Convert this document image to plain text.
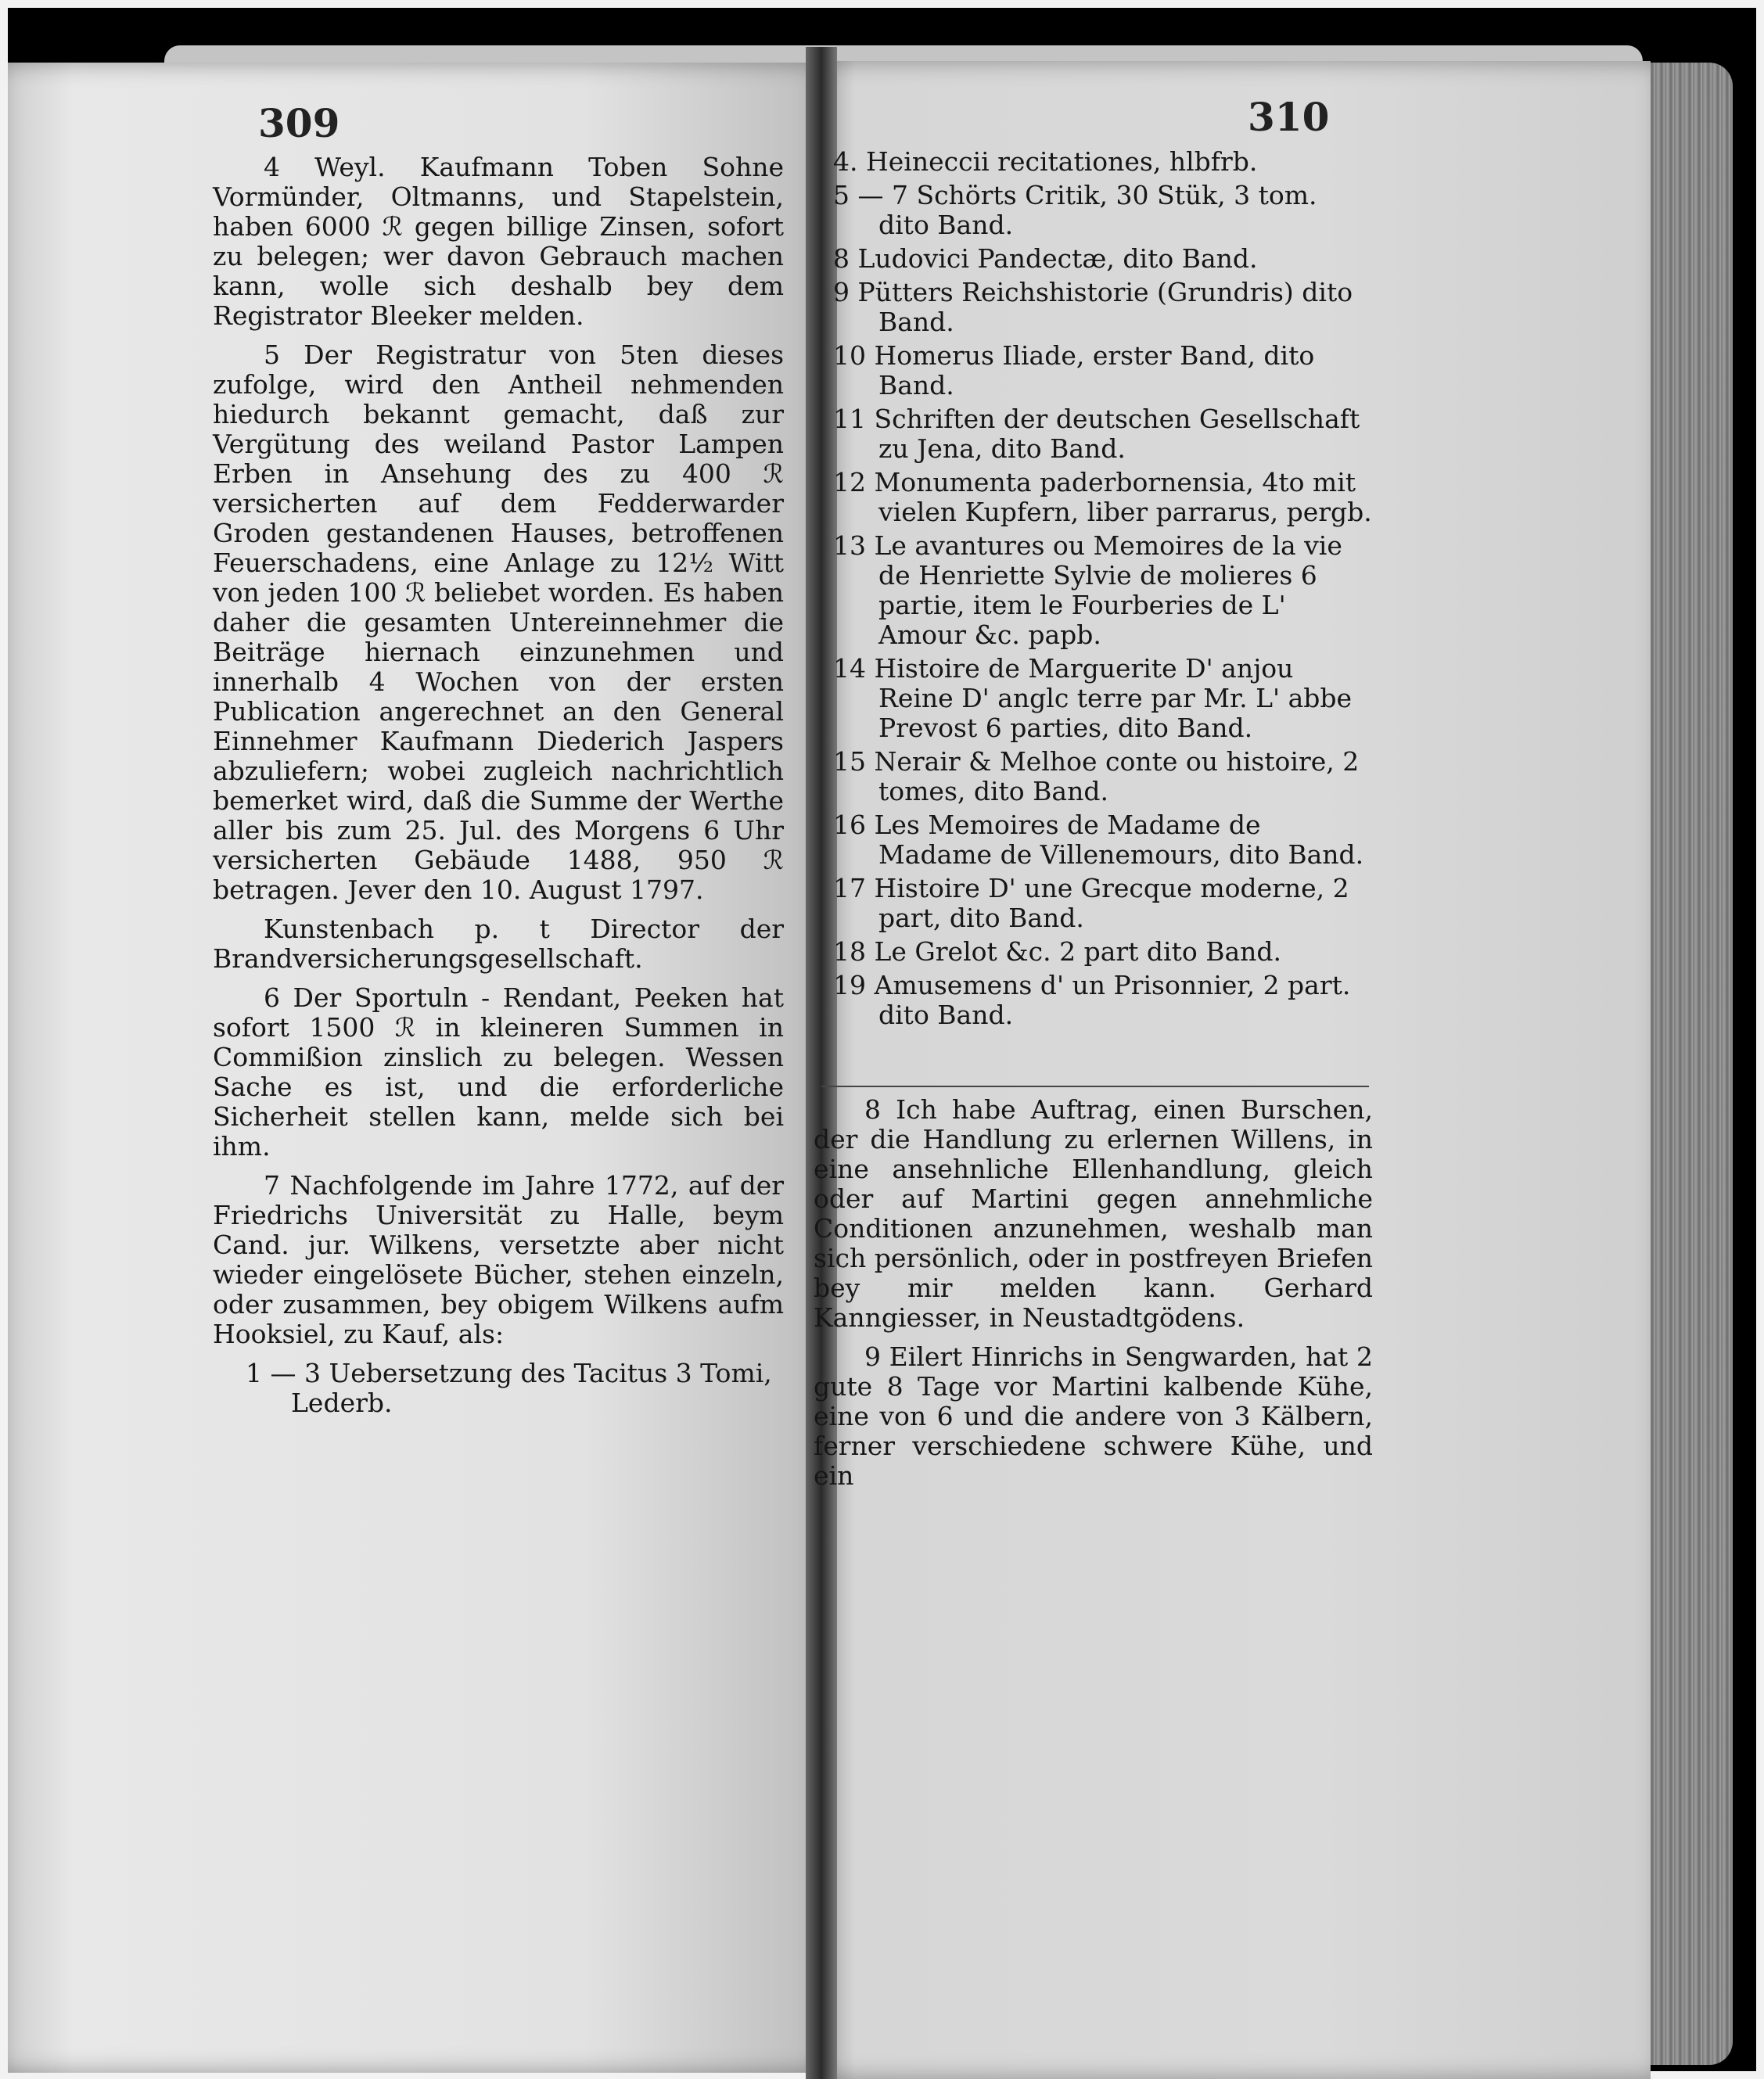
309

4 Weyl. Kaufmann Toben Sohne Vormünder, Oltmanns, und Stapelstein, haben 6000 ℛ gegen billige Zinsen, sofort zu belegen; wer davon Gebrauch machen kann, wolle sich deshalb bey dem Registrator Bleeker melden.

5 Der Registratur von 5ten dieses zufolge, wird den Antheil nehmenden hiedurch bekannt gemacht, daß zur Vergütung des weiland Pastor Lampen Erben in Ansehung des zu 400 ℛ versicherten auf dem Fedderwarder Groden gestandenen Hauses, betroffenen Feuerschadens, eine Anlage zu 12½ Witt von jeden 100 ℛ beliebet worden. Es haben daher die gesamten Untereinnehmer die Beiträge hiernach einzunehmen und innerhalb 4 Wochen von der ersten Publication angerechnet an den General Einnehmer Kaufmann Diederich Jaspers abzuliefern; wobei zugleich nachrichtlich bemerket wird, daß die Summe der Werthe aller bis zum 25. Jul. des Morgens 6 Uhr versicherten Gebäude 1488, 950 ℛ betragen. Jever den 10. August 1797.

Kunstenbach p. t Director der Brandversicherungsgesellschaft.

6 Der Sportuln - Rendant, Peeken hat sofort 1500 ℛ in kleineren Summen in Commißion zinslich zu belegen. Wessen Sache es ist, und die erforderliche Sicherheit stellen kann, melde sich bei ihm.

7 Nachfolgende im Jahre 1772, auf der Friedrichs Universität zu Halle, beym Cand. jur. Wilkens, versetzte aber nicht wieder eingelösete Bücher, stehen einzeln, oder zusammen, bey obigem Wilkens aufm Hooksiel, zu Kauf, als:

1 — 3 Uebersetzung des Tacitus 3 Tomi, Lederb.

310

4. Heineccii recitationes, hlbfrb.

5 — 7 Schörts Critik, 30 Stük, 3 tom. dito Band.

8 Ludovici Pandectæ, dito Band.

9 Pütters Reichshistorie (Grundris) dito Band.

10 Homerus Iliade, erster Band, dito Band.

11 Schriften der deutschen Gesellschaft zu Jena, dito Band.

12 Monumenta paderbornensia, 4to mit vielen Kupfern, liber parrarus, pergb.

13 Le avantures ou Memoires de la vie de Henriette Sylvie de molieres 6 partie, item le Fourberies de L' Amour &c. papb.

14 Histoire de Marguerite D' anjou Reine D' anglc terre par Mr. L' abbe Prevost 6 parties, dito Band.

15 Nerair & Melhoe conte ou histoire, 2 tomes, dito Band.

16 Les Memoires de Madame de Madame de Villenemours, dito Band.

17 Histoire D' une Grecque moderne, 2 part, dito Band.

18 Le Grelot &c. 2 part dito Band.

19 Amusemens d' un Prisonnier, 2 part. dito Band.

8 Ich habe Auftrag, einen Burschen, der die Handlung zu erlernen Willens, in eine ansehnliche Ellenhandlung, gleich oder auf Martini gegen annehmliche Conditionen anzunehmen, weshalb man sich persönlich, oder in postfreyen Briefen bey mir melden kann. Gerhard Kanngiesser, in Neustadtgödens.

9 Eilert Hinrichs in Sengwarden, hat 2 gute 8 Tage vor Martini kalbende Kühe, eine von 6 und die andere von 3 Kälbern, ferner verschiedene schwere Kühe, und ein
